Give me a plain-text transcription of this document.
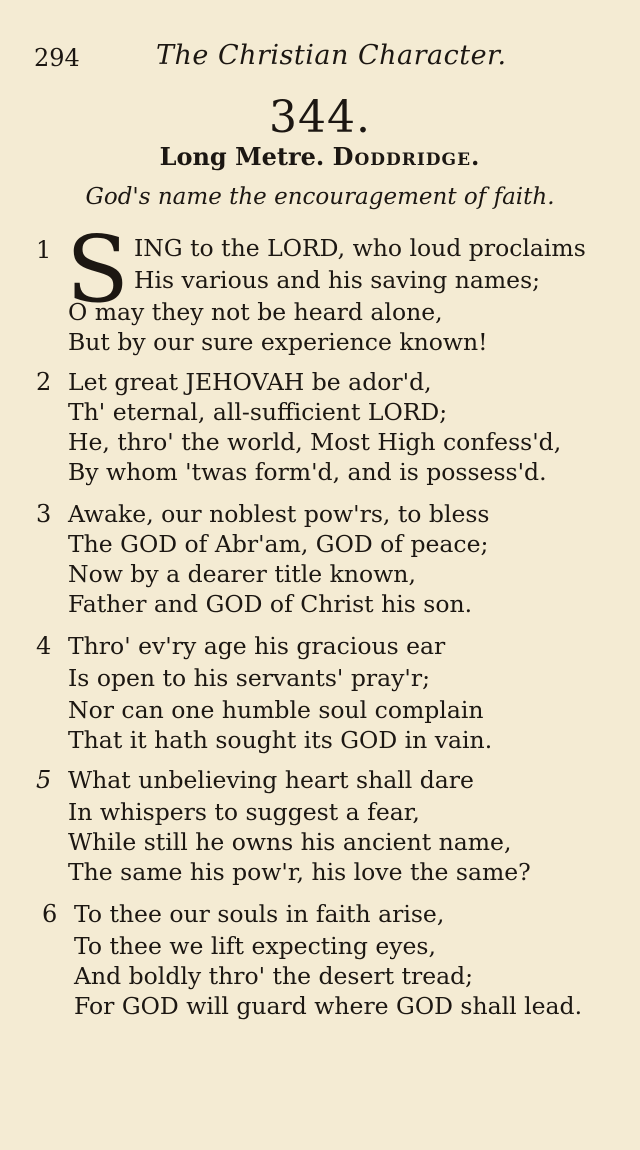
294	The Christian Character.
344.
Long Metre. Doddridge.
God's name the encouragement of faith.
1 S ING to the LORD, who loud proclaims
His various and his saving names;
O may they not be heard alone,
But by our sure experience known!
2 Let great JEHOVAH be ador'd,
Th' eternal, all-sufficient LORD;
He, thro' the world, Most High confess'd,
By whom 'twas form'd, and is possess'd.
3 Awake, our noblest pow'rs, to bless
The GOD of Abr'am, GOD of peace;
Now by a dearer title known,
Father and GOD of Christ his son.
4 Thro' ev'ry age his gracious ear
Is open to his servants' pray'r;
Nor can one humble soul complain
That it hath sought its GOD in vain.
5 What unbelieving heart shall dare
In whispers to suggest a fear,
While still he owns his ancient name,
The same his pow'r, his love the same?
6 To thee our souls in faith arise,
To thee we lift expecting eyes,
And boldly thro' the desert tread;
For GOD will guard where GOD shall lead.
